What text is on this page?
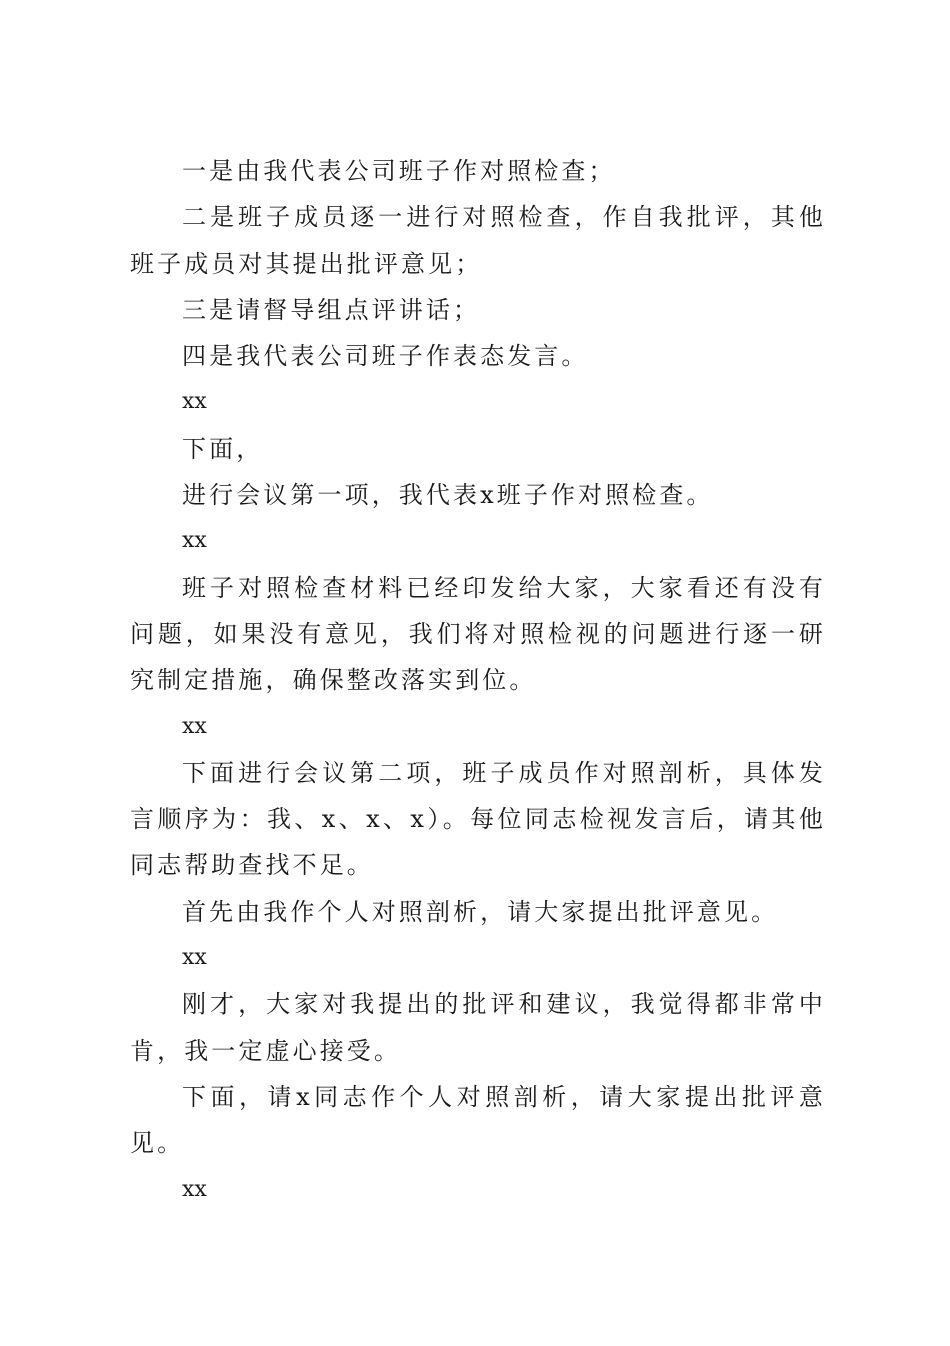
一是由我代表公司班子作对照检查；

二是班子成员逐一进行对照检查，作自我批评，其他班子成员对其提出批评意见；

三是请督导组点评讲话；

四是我代表公司班子作表态发言。

xx

下面，

进行会议第一项，我代表x班子作对照检查。

xx

班子对照检查材料已经印发给大家，大家看还有没有问题，如果没有意见，我们将对照检视的问题进行逐一研究制定措施，确保整改落实到位。

xx

下面进行会议第二项，班子成员作对照剖析，具体发言顺序为：我、x、x、x）。每位同志检视发言后，请其他同志帮助查找不足。

首先由我作个人对照剖析，请大家提出批评意见。

xx

刚才，大家对我提出的批评和建议，我觉得都非常中肯，我一定虚心接受。

下面，请x同志作个人对照剖析，请大家提出批评意见。

xx
